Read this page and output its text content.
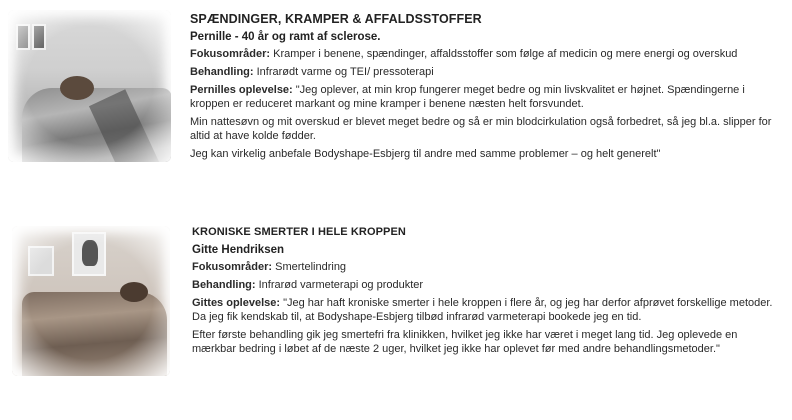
SPÆNDINGER, KRAMPER & AFFALDSSTOFFER
Pernille - 40 år og ramt af sclerose.
Fokusområder: Kramper i benene, spændinger, affaldsstoffer som følge af medicin og mere energi og overskud
Behandling: Infrarødt varme og TEI/ pressoterapi
Pernilles oplevelse: "Jeg oplever, at min krop fungerer meget bedre og min livskvalitet er højnet. Spændingerne i kroppen er reduceret markant og mine kramper i benene næsten helt forsvundet.
Min nattesøvn og mit overskud er blevet meget bedre og så er min blodcirkulation også forbedret, så jeg bl.a. slipper for altid at have kolde fødder.
Jeg kan virkelig anbefale Bodyshape-Esbjerg til andre med samme problemer – og helt generelt"
KRONISKE SMERTER I HELE KROPPEN
Gitte Hendriksen
Fokusområder: Smertelindring
Behandling: Infrarød varmeterapi og produkter
Gittes oplevelse: "Jeg har haft kroniske smerter i hele kroppen i flere år, og jeg har derfor afprøvet forskellige metoder. Da jeg fik kendskab til, at Bodyshape-Esbjerg tilbød infrarød varmeterapi bookede jeg en tid.
Efter første behandling gik jeg smertefri fra klinikken, hvilket jeg ikke har været i meget lang tid. Jeg oplevede en mærkbar bedring i løbet af de næste 2 uger, hvilket jeg ikke har oplevet før med andre behandlingsmetoder."
